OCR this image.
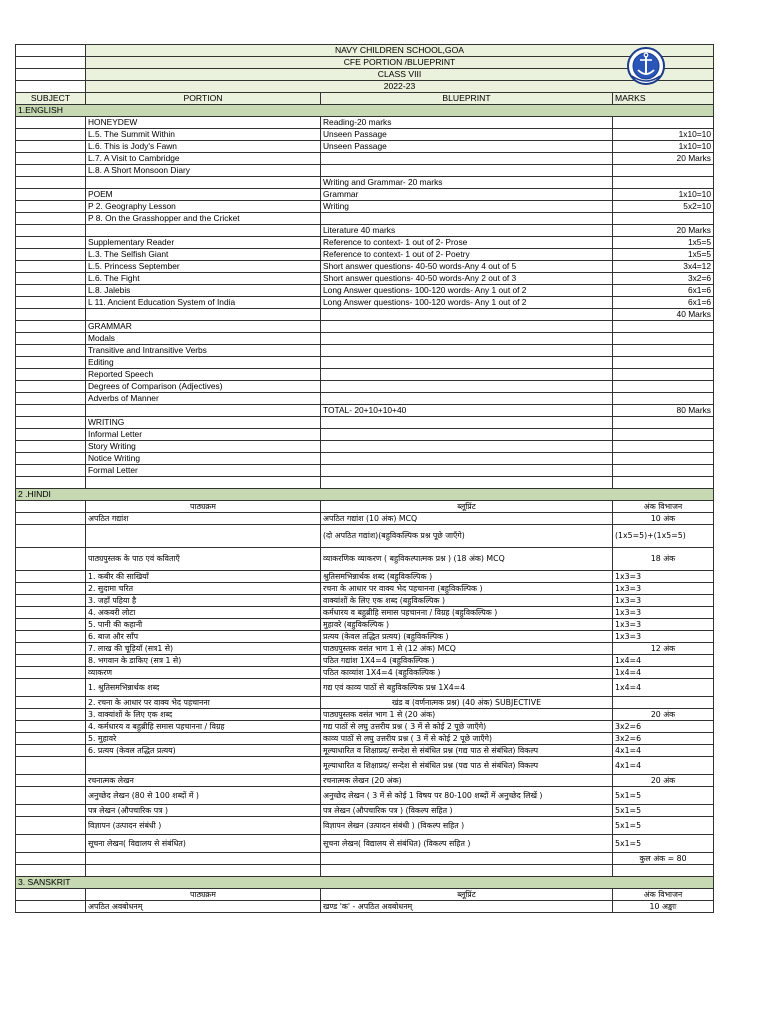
	NAVY CHILDREN SCHOOL,GOA		
	CFE PORTION /BLUEPRINT		
	CLASS VIII		
	2022-23		
SUBJECT	PORTION	BLUEPRINT	MARKS
1.ENGLISH			
	HONEYDEW	Reading-20 marks	
	L.5. The Summit Within	Unseen Passage	1x10=10
	L.6. This is Jody's Fawn	Unseen Passage	1x10=10
	L.7. A Visit to Cambridge		20 Marks
	L.8. A Short Monsoon Diary		
		Writing and Grammar- 20 marks	
	POEM	Grammar	1x10=10
	P 2. Geography Lesson	Writing	5x2=10
	P 8. On the Grasshopper and the Cricket		
		Literature 40 marks	20 Marks
	Supplementary Reader	Reference to context- 1 out of 2- Prose	1x5=5
	L.3. The Selfish Giant	Reference to context- 1 out of 2- Poetry	1x5=5
	L.5. Princess September	Short answer questions- 40-50 words-Any 4 out of 5	3x4=12
	L.6. The Fight	Short answer questions- 40-50 words-Any 2 out of 3	3x2=6
	L.8. Jalebis	Long Answer questions- 100-120 words- Any 1 out of 2	6x1=6
	L 11. Ancient Education System of India	Long Answer questions- 100-120 words- Any 1 out of 2	6x1=6
			40 Marks
	GRAMMAR		
	Modals		
	Transitive and Intransitive Verbs		
	Editing		
	Reported Speech		
	Degrees of Comparison (Adjectives)		
	Adverbs of Manner		
		TOTAL- 20+10+10+40	80 Marks
	WRITING		
	Informal Letter		
	Story Writing		
	Notice Writing		
	Formal Letter		

2 .HINDI			
	पाठ्यक्रम	ब्लूप्रिंट	अंक विभाजन
	अपठित गद्यांश	अपठित गद्यांश (10 अंक) MCQ	10 अंक
		(दो अपठित गद्यांश)(बहुविकल्पिक प्रश्न पूछे जाएँगे)	(1x5=5)+(1x5=5)
	पाठ्यपुस्तक के पाठ एवं कविताएँ	व्याकरणिक व्याकरण ( बहुविकल्पात्मक प्रश्न ) (18 अंक) MCQ	18 अंक
	1. कबीर की साखियाँ	श्रुतिसमभिन्नार्थक शब्द (बहुविकल्पिक )	1x3=3
	2. सुदामा चरित	रचना के आधार पर वाक्य भेद पहचानना (बहुविकल्पिक )	1x3=3
	3. जहाँ पहिया है	वाक्यांशों के लिए एक शब्द (बहुविकल्पिक )	1x3=3
	4. अकबरी लोटा	कर्मधारय व बहुब्रीहि समास पहचानना / विग्रह (बहुविकल्पिक )	1x3=3
	5. पानी की कहानी	मुहावरे (बहुविकल्पिक )	1x3=3
	6. बाज और साँप	प्रत्यय (केवल तद्धित प्रत्यय) (बहुविकल्पिक )	1x3=3
	7. लाख की चूड़ियाँ (सत्र1 से)	पाठ्यपुस्तक वसंत भाग 1 से (12 अंक) MCQ	12 अंक
	8. भगवान के डाकिए (सत्र 1 से)	पठित गद्यांश 1X4=4 (बहुविकल्पिक )	1x4=4
	व्याकरण	पठित काव्यांश 1X4=4 (बहुविकल्पिक )	1x4=4
	1. श्रुतिसमभिन्नार्थक शब्द	गद्य एवं काव्य पाठों से बहुविकल्पिक प्रश्न 1X4=4	1x4=4
	2. रचना के आधार पर वाक्य भेद पहचानना	खंड ब (वर्णनात्मक प्रश्न) (40 अंक) SUBJECTIVE	
	3. वाक्यांशों के लिए एक शब्द	पाठ्यपुस्तक वसंत भाग 1 से (20 अंक)	20 अंक
	4. कर्मधारय व बहुब्रीहि समास पहचानना / विग्रह	गद्य पाठों से लघु उत्तरीय प्रश्न ( 3 में से कोई 2 पूछे जाएँगे)	3x2=6
	5. मुहावरे	काव्य पाठों से लघु उत्तरीय प्रश्न ( 3 में से कोई 2 पूछे जाएँगे)	3x2=6
	6. प्रत्यय (केवल तद्धित प्रत्यय)	मूल्याधारित व शिक्षाप्रद/ सन्देश से संबंधित प्रश्न (गद्य पाठ से संबंधित) विकल्प	4x1=4
		मूल्याधारित व शिक्षाप्रद/ सन्देश से संबंधित प्रश्न (पद्य पाठ से संबंधित) विकल्प	4x1=4
	रचनात्मक लेखन	रचनात्मक लेखन (20 अंक)	20 अंक
	अनुच्छेद लेखन (80 से 100 शब्दों में )	अनुच्छेद लेखन ( 3 में से कोई 1 विषय पर 80-100 शब्दों में अनुच्छेद लिखें )	5x1=5
	पत्र लेखन (औपचारिक पत्र )	पत्र लेखन (औपचारिक पत्र ) (विकल्प सहित )	5x1=5
	विज्ञापन (उत्पादन संबंधी )	विज्ञापन लेखन (उत्पादन संबंधी ) (विकल्प सहित )	5x1=5
	सूचना लेखन( विद्यालय से संबंधित)	सूचना लेखन( विद्यालय से संबंधित) (विकल्प सहित )	5x1=5
			कुल अंक = 80

3. SANSKRIT			
	पाठ्यक्रम	ब्लूप्रिंट	अंक विभाजन
	अपठित अवबोधनम्	खण्ड 'क' - अपठित अवबोधनम्	10 अङ्काः
